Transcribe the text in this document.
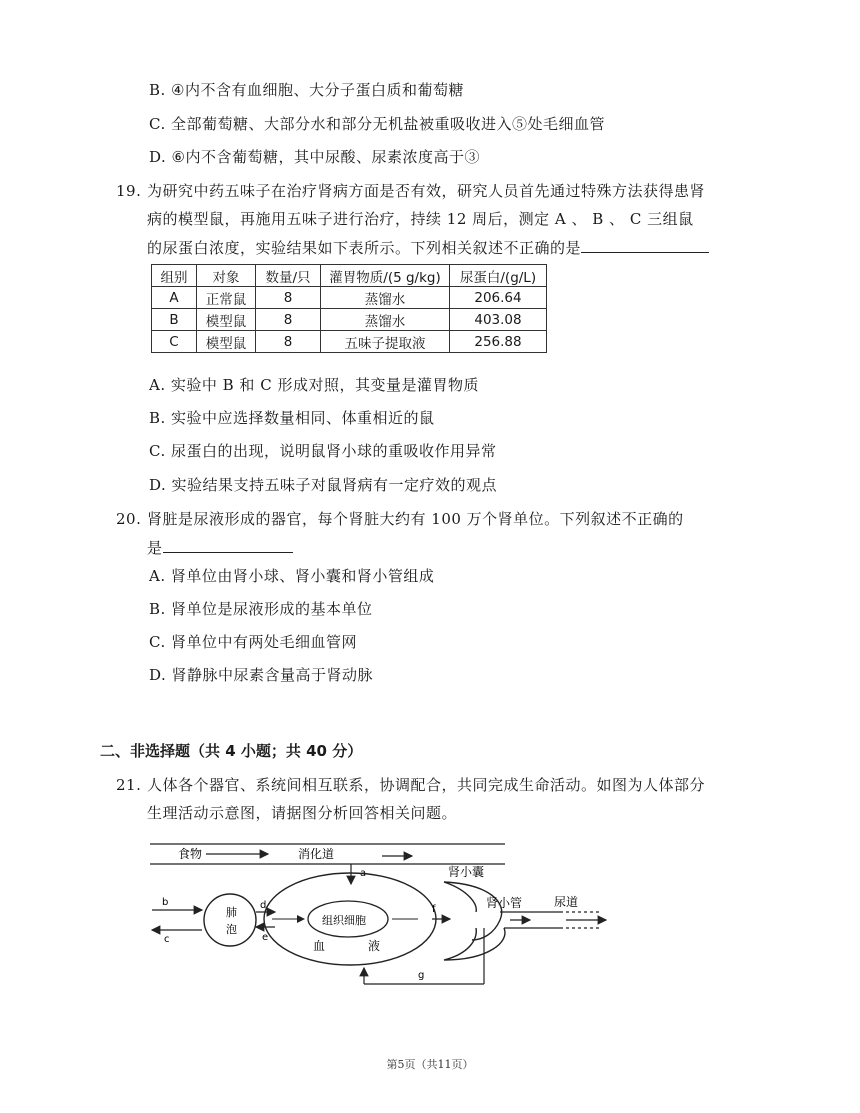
B. ④内不含有血细胞、大分子蛋白质和葡萄糖
C. 全部葡萄糖、大部分水和部分无机盐被重吸收进入⑤处毛细血管
D. ⑥内不含葡萄糖，其中尿酸、尿素浓度高于③
19. 为研究中药五味子在治疗肾病方面是否有效，研究人员首先通过特殊方法获得患肾
病的模型鼠，再施用五味子进行治疗，持续 12 周后，测定 A 、 B 、 C 三组鼠
的尿蛋白浓度，实验结果如下表所示。下列相关叙述不正确的是
组别	对象	数量/只	灌胃物质/(5 g/kg)	尿蛋白/(g/L)
A	正常鼠	8	蒸馏水	206.64
B	模型鼠	8	蒸馏水	403.08
C	模型鼠	8	五味子提取液	256.88
A. 实验中 B 和 C 形成对照，其变量是灌胃物质
B. 实验中应选择数量相同、体重相近的鼠
C. 尿蛋白的出现，说明鼠肾小球的重吸收作用异常
D. 实验结果支持五味子对鼠肾病有一定疗效的观点
20. 肾脏是尿液形成的器官，每个肾脏大约有 100 万个肾单位。下列叙述不正确的
是
A. 肾单位由肾小球、肾小囊和肾小管组成
B. 肾单位是尿液形成的基本单位
C. 肾单位中有两处毛细血管网
D. 肾静脉中尿素含量高于肾动脉
二、非选择题（共 4 小题；共 40 分）
21. 人体各个器官、系统间相互联系，协调配合，共同完成生命活动。如图为人体部分
生理活动示意图，请据图分析回答相关问题。
食物	消化道
a
组织细胞
血	液
肺
泡
b
c
d
e
肾小囊
f	肾小管	尿道
g
第5页（共11页）
